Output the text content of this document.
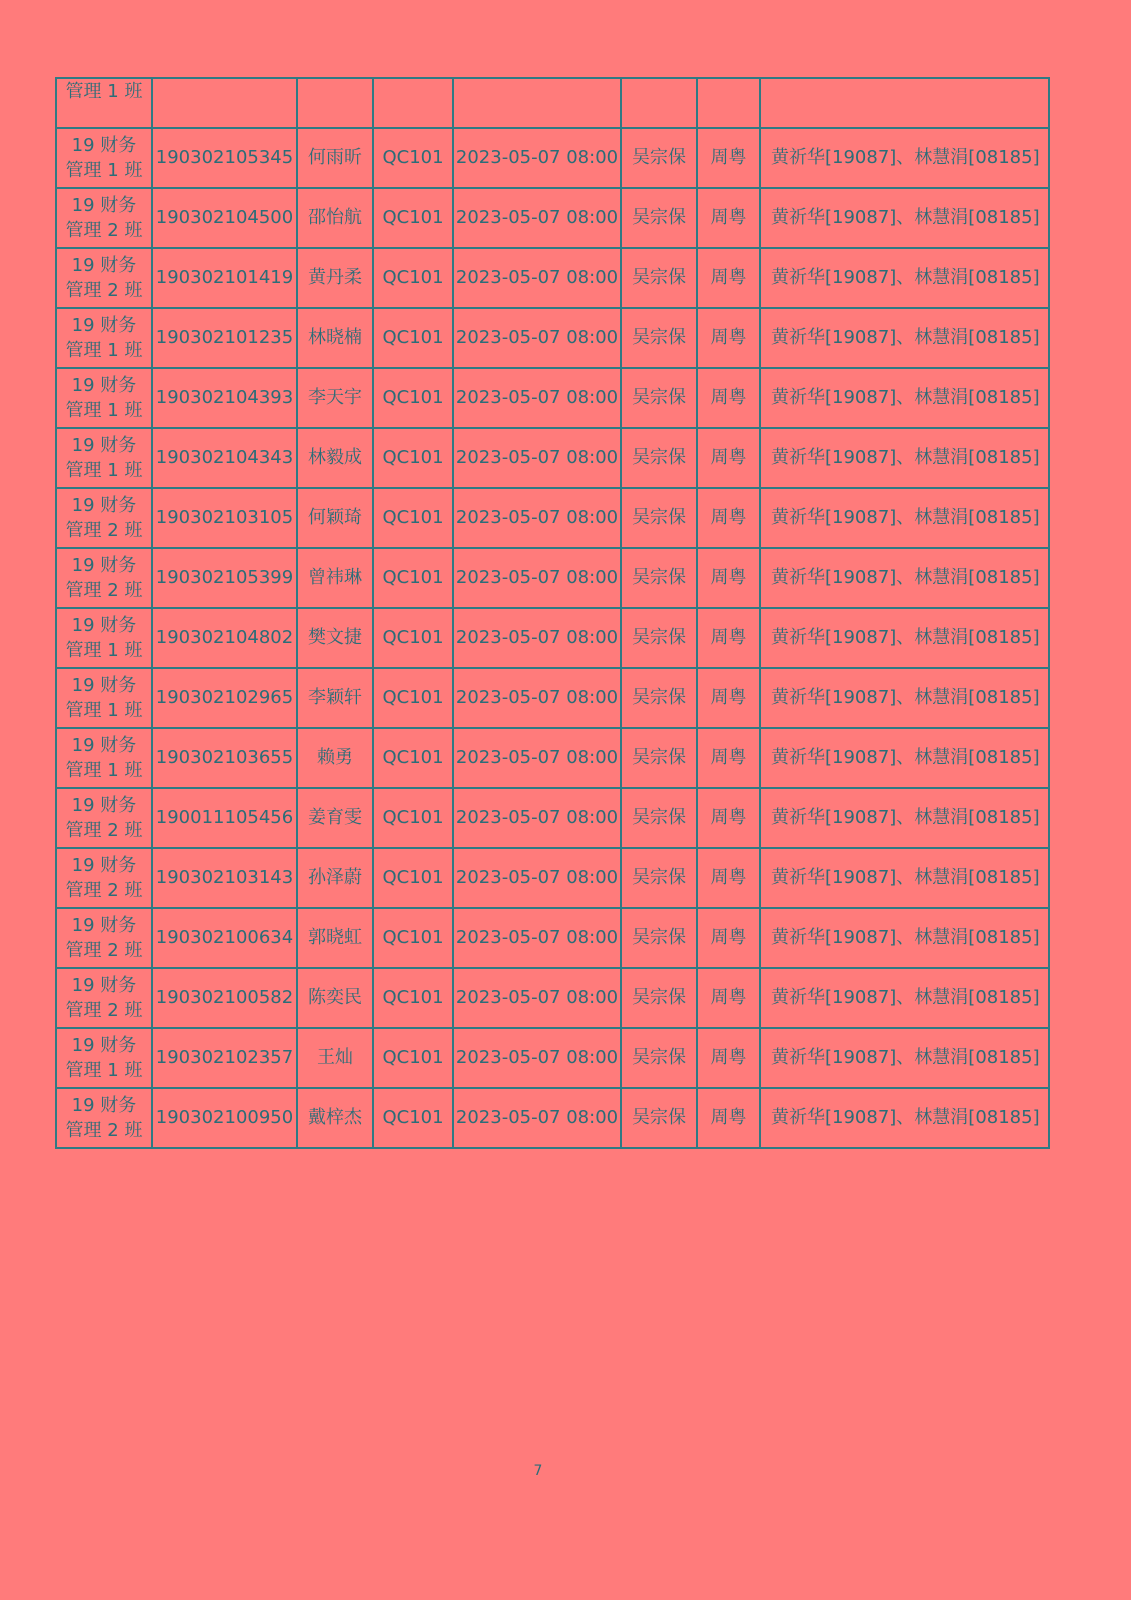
管理 1 班							

19 财务
管理 1 班	190302105345	何雨昕	QC101	2023-05-07 08:00	吴宗保	周粤	黄祈华[19087]、林慧涓[08185]

19 财务
管理 2 班	190302104500	邵怡航	QC101	2023-05-07 08:00	吴宗保	周粤	黄祈华[19087]、林慧涓[08185]

19 财务
管理 2 班	190302101419	黄丹柔	QC101	2023-05-07 08:00	吴宗保	周粤	黄祈华[19087]、林慧涓[08185]

19 财务
管理 1 班	190302101235	林晓楠	QC101	2023-05-07 08:00	吴宗保	周粤	黄祈华[19087]、林慧涓[08185]

19 财务
管理 1 班	190302104393	李天宇	QC101	2023-05-07 08:00	吴宗保	周粤	黄祈华[19087]、林慧涓[08185]

19 财务
管理 1 班	190302104343	林毅成	QC101	2023-05-07 08:00	吴宗保	周粤	黄祈华[19087]、林慧涓[08185]

19 财务
管理 2 班	190302103105	何颖琦	QC101	2023-05-07 08:00	吴宗保	周粤	黄祈华[19087]、林慧涓[08185]

19 财务
管理 2 班	190302105399	曾祎琳	QC101	2023-05-07 08:00	吴宗保	周粤	黄祈华[19087]、林慧涓[08185]

19 财务
管理 1 班	190302104802	樊文捷	QC101	2023-05-07 08:00	吴宗保	周粤	黄祈华[19087]、林慧涓[08185]

19 财务
管理 1 班	190302102965	李颖轩	QC101	2023-05-07 08:00	吴宗保	周粤	黄祈华[19087]、林慧涓[08185]

19 财务
管理 1 班	190302103655	赖勇	QC101	2023-05-07 08:00	吴宗保	周粤	黄祈华[19087]、林慧涓[08185]

19 财务
管理 2 班	190011105456	姜育雯	QC101	2023-05-07 08:00	吴宗保	周粤	黄祈华[19087]、林慧涓[08185]

19 财务
管理 2 班	190302103143	孙泽蔚	QC101	2023-05-07 08:00	吴宗保	周粤	黄祈华[19087]、林慧涓[08185]

19 财务
管理 2 班	190302100634	郭晓虹	QC101	2023-05-07 08:00	吴宗保	周粤	黄祈华[19087]、林慧涓[08185]

19 财务
管理 2 班	190302100582	陈奕民	QC101	2023-05-07 08:00	吴宗保	周粤	黄祈华[19087]、林慧涓[08185]

19 财务
管理 1 班	190302102357	王灿	QC101	2023-05-07 08:00	吴宗保	周粤	黄祈华[19087]、林慧涓[08185]

19 财务
管理 2 班	190302100950	戴梓杰	QC101	2023-05-07 08:00	吴宗保	周粤	黄祈华[19087]、林慧涓[08185]
7
